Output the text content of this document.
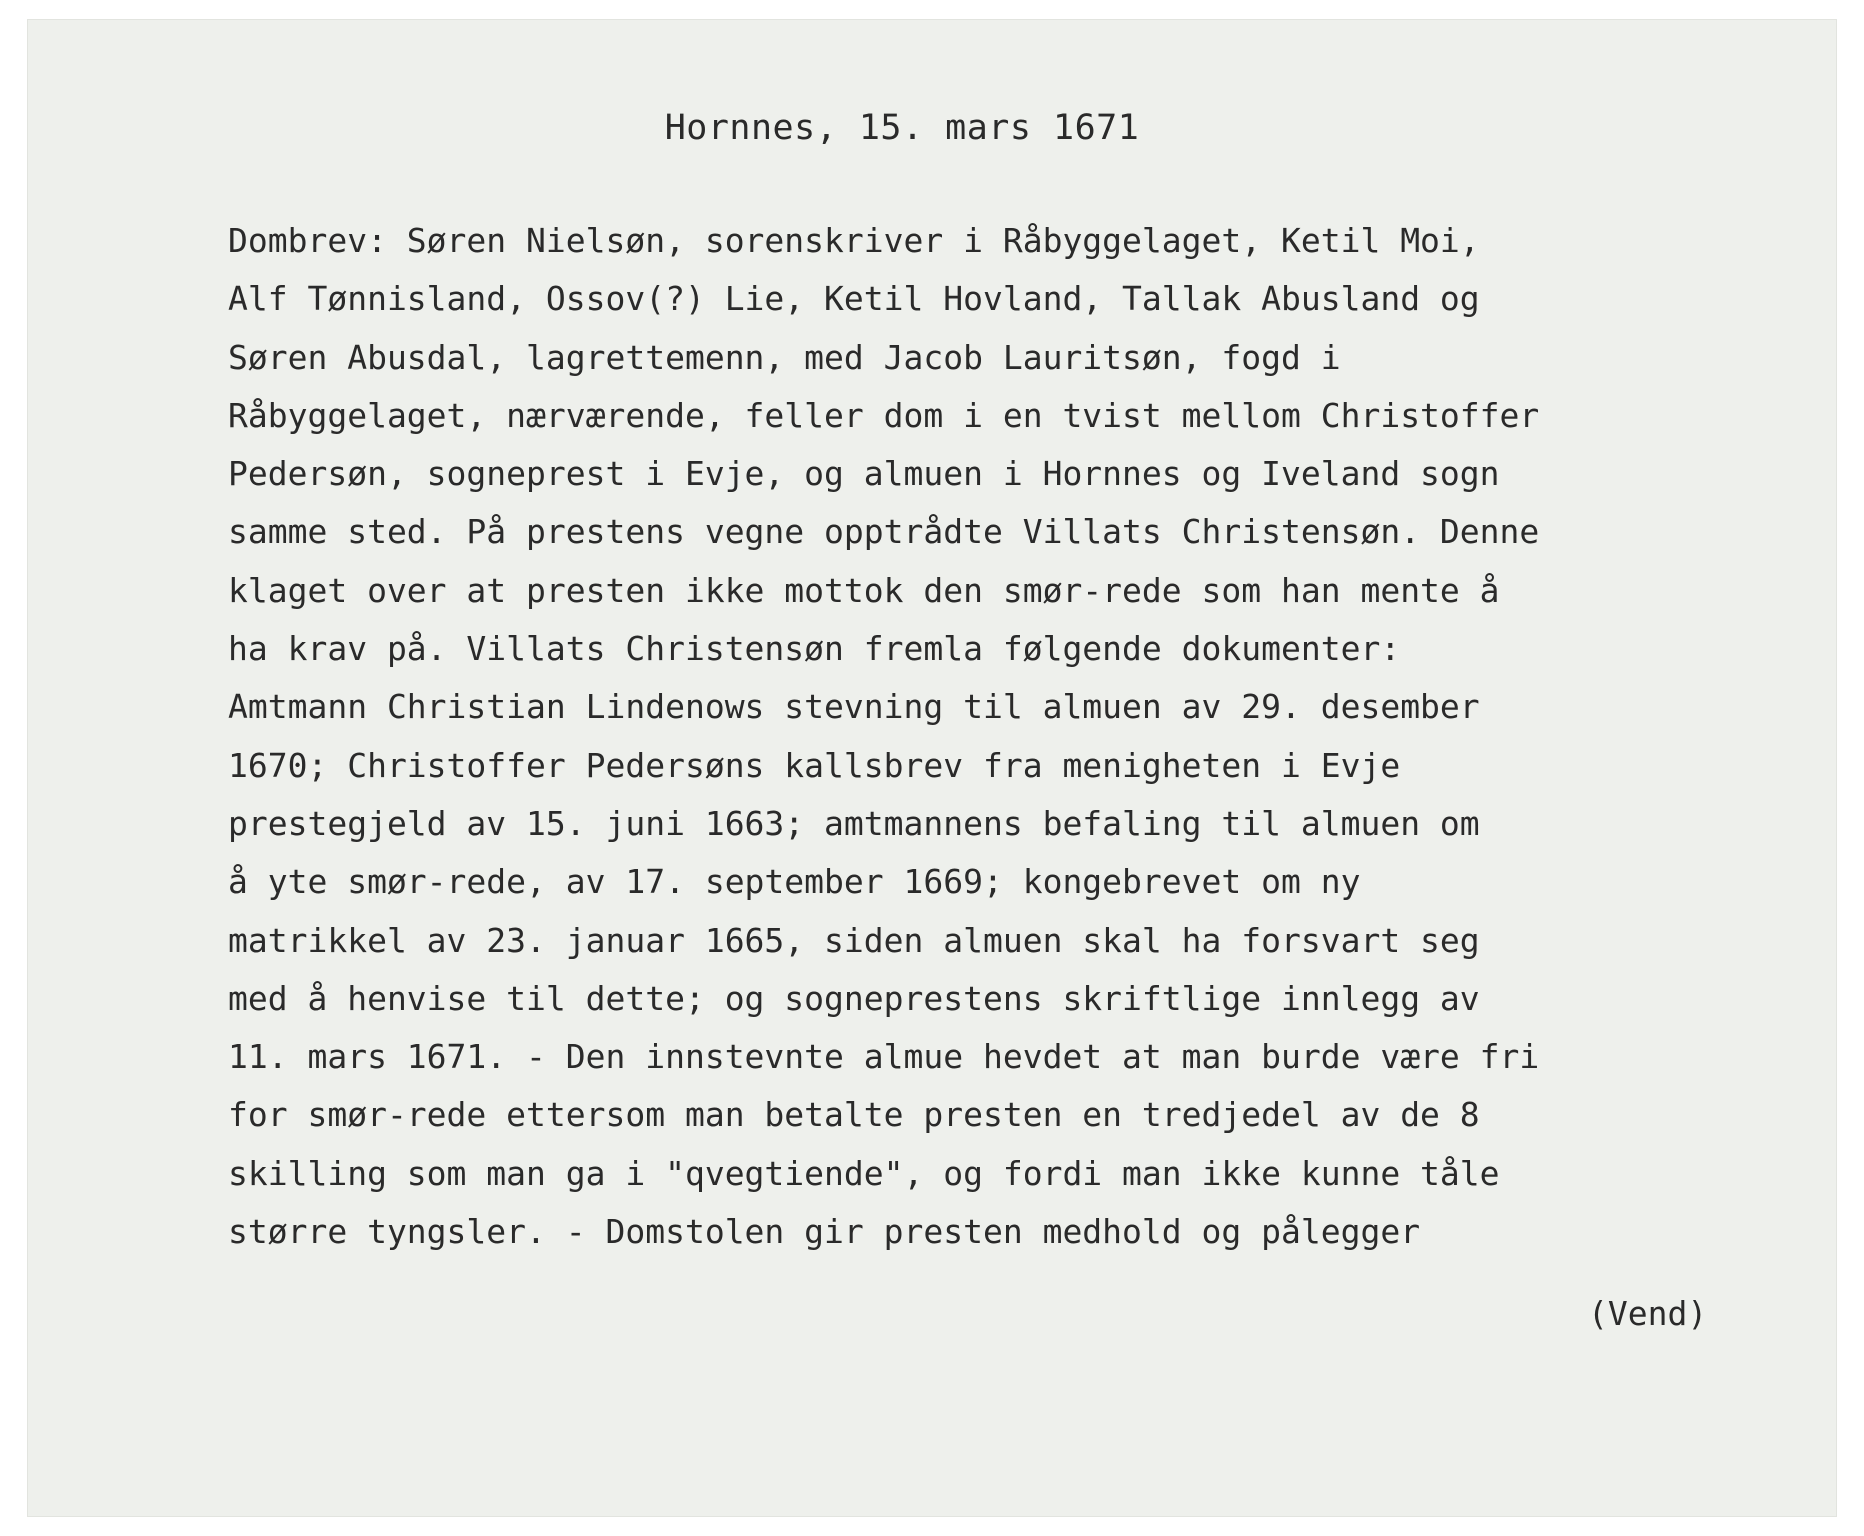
Hornnes, 15. mars 1671
Dombrev: Søren Nielsøn, sorenskriver i Råbyggelaget, Ketil Moi,
Alf Tønnisland, Ossov(?) Lie, Ketil Hovland, Tallak Abusland og
Søren Abusdal, lagrettemenn, med Jacob Lauritsøn, fogd i
Råbyggelaget, nærværende, feller dom i en tvist mellom Christoffer
Pedersøn, sogneprest i Evje, og almuen i Hornnes og Iveland sogn
samme sted. På prestens vegne opptrådte Villats Christensøn. Denne
klaget over at presten ikke mottok den smør-rede som han mente å
ha krav på. Villats Christensøn fremla følgende dokumenter:
Amtmann Christian Lindenows stevning til almuen av 29. desember
1670; Christoffer Pedersøns kallsbrev fra menigheten i Evje
prestegjeld av 15. juni 1663; amtmannens befaling til almuen om
å yte smør-rede, av 17. september 1669; kongebrevet om ny
matrikkel av 23. januar 1665, siden almuen skal ha forsvart seg
med å henvise til dette; og sogneprestens skriftlige innlegg av
11. mars 1671. - Den innstevnte almue hevdet at man burde være fri
for smør-rede ettersom man betalte presten en tredjedel av de 8
skilling som man ga i "qvegtiende", og fordi man ikke kunne tåle
større tyngsler. - Domstolen gir presten medhold og pålegger
(Vend)
